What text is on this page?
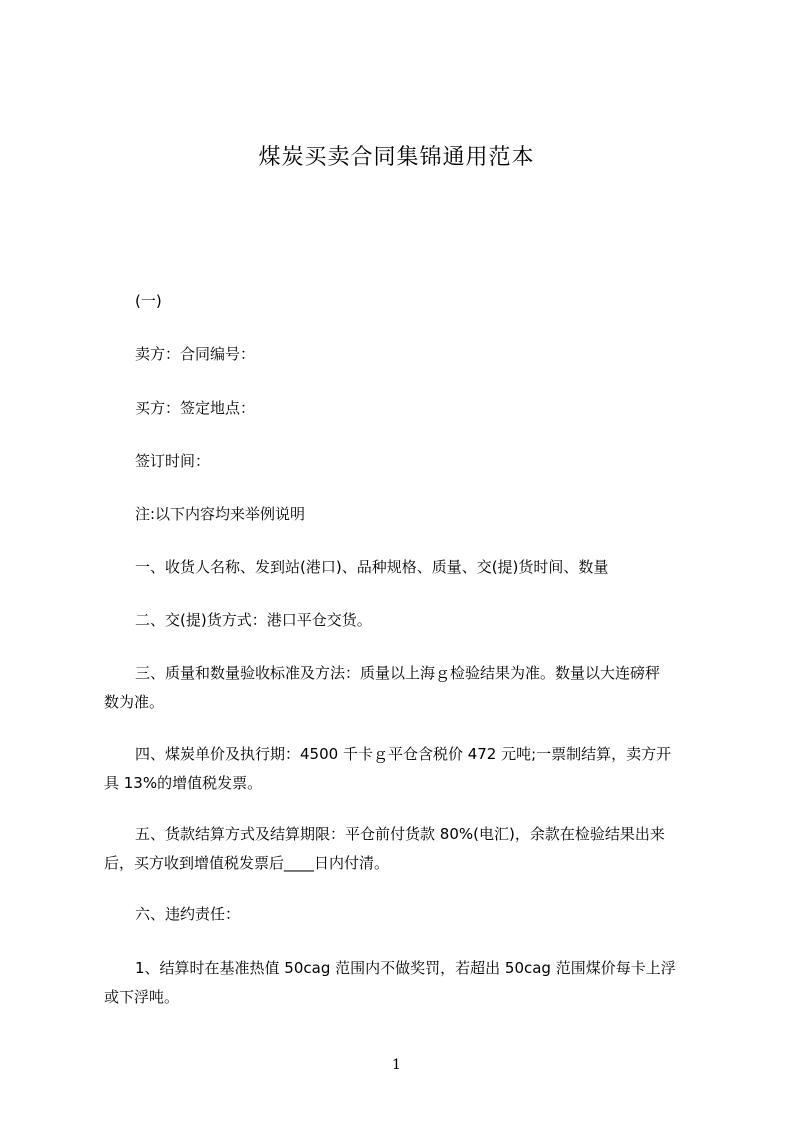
煤炭买卖合同集锦通用范本
(一)
卖方：合同编号：
买方：签定地点：
签订时间：
注:以下内容均来举例说明
一、收货人名称、发到站(港口)、品种规格、质量、交(提)货时间、数量
二、交(提)货方式：港口平仓交货。
三、质量和数量验收标准及方法：质量以上海ｇ检验结果为准。数量以大连磅秤
数为准。
四、煤炭单价及执行期：4500 千卡ｇ平仓含税价 472 元吨;一票制结算，卖方开
具 13%的增值税发票。
五、货款结算方式及结算期限：平仓前付货款 80%(电汇)，余款在检验结果出来
后，买方收到增值税发票后____日内付清。
六、违约责任：
1、结算时在基准热值 50cag 范围内不做奖罚，若超出 50cag 范围煤价每卡上浮
或下浮吨。
1
